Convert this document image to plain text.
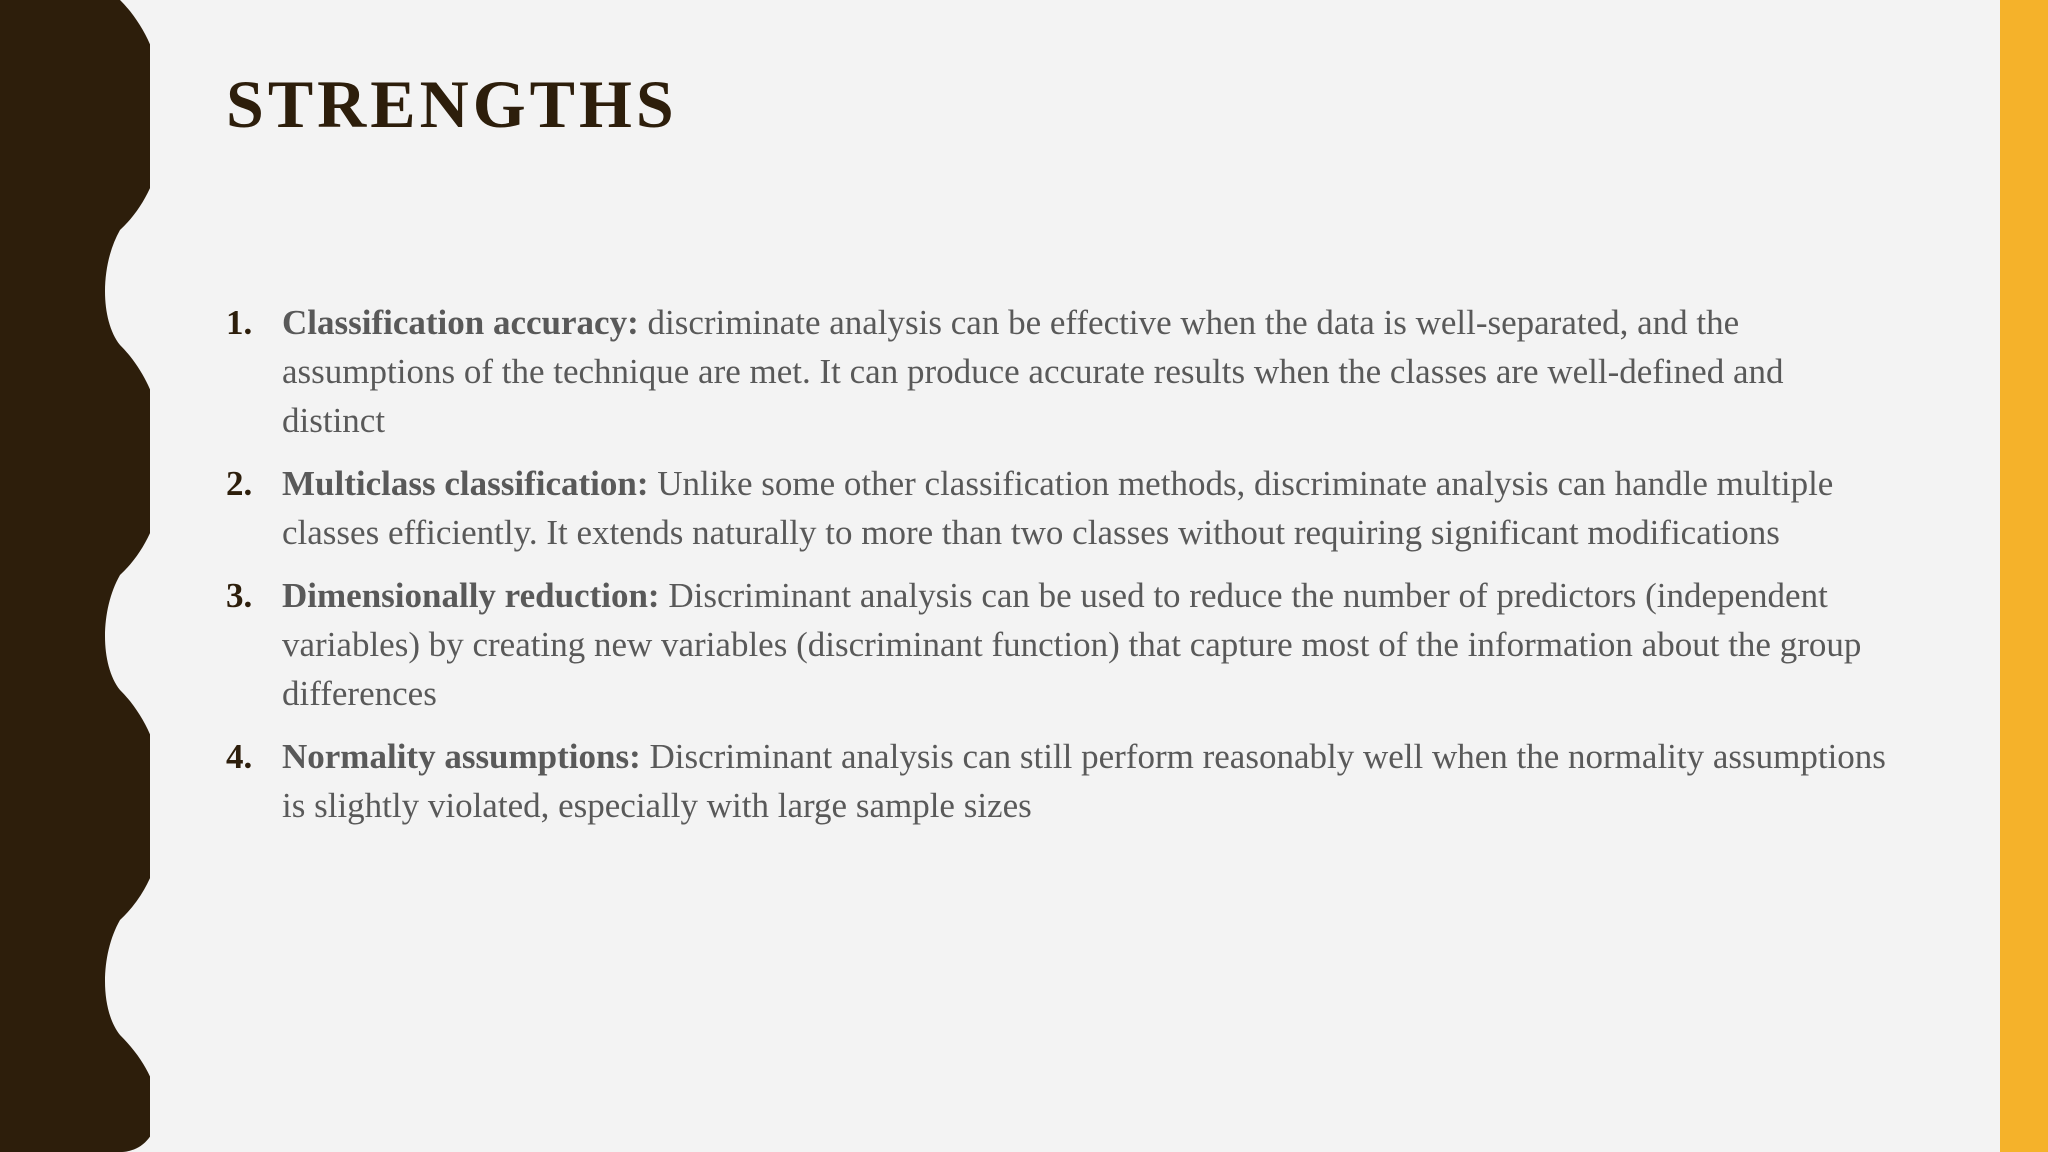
STRENGTHS
1. Classification accuracy: discriminate analysis can be effective when the data is well-separated, and the assumptions of the technique are met. It can produce accurate results when the classes are well-defined and distinct
2. Multiclass classification: Unlike some other classification methods, discriminate analysis can handle multiple classes efficiently. It extends naturally to more than two classes without requiring significant modifications
3. Dimensionally reduction: Discriminant analysis can be used to reduce the number of predictors (independent variables) by creating new variables (discriminant function) that capture most of the information about the group differences
4. Normality assumptions: Discriminant analysis can still perform reasonably well when the normality assumptions is slightly violated, especially with large sample sizes
